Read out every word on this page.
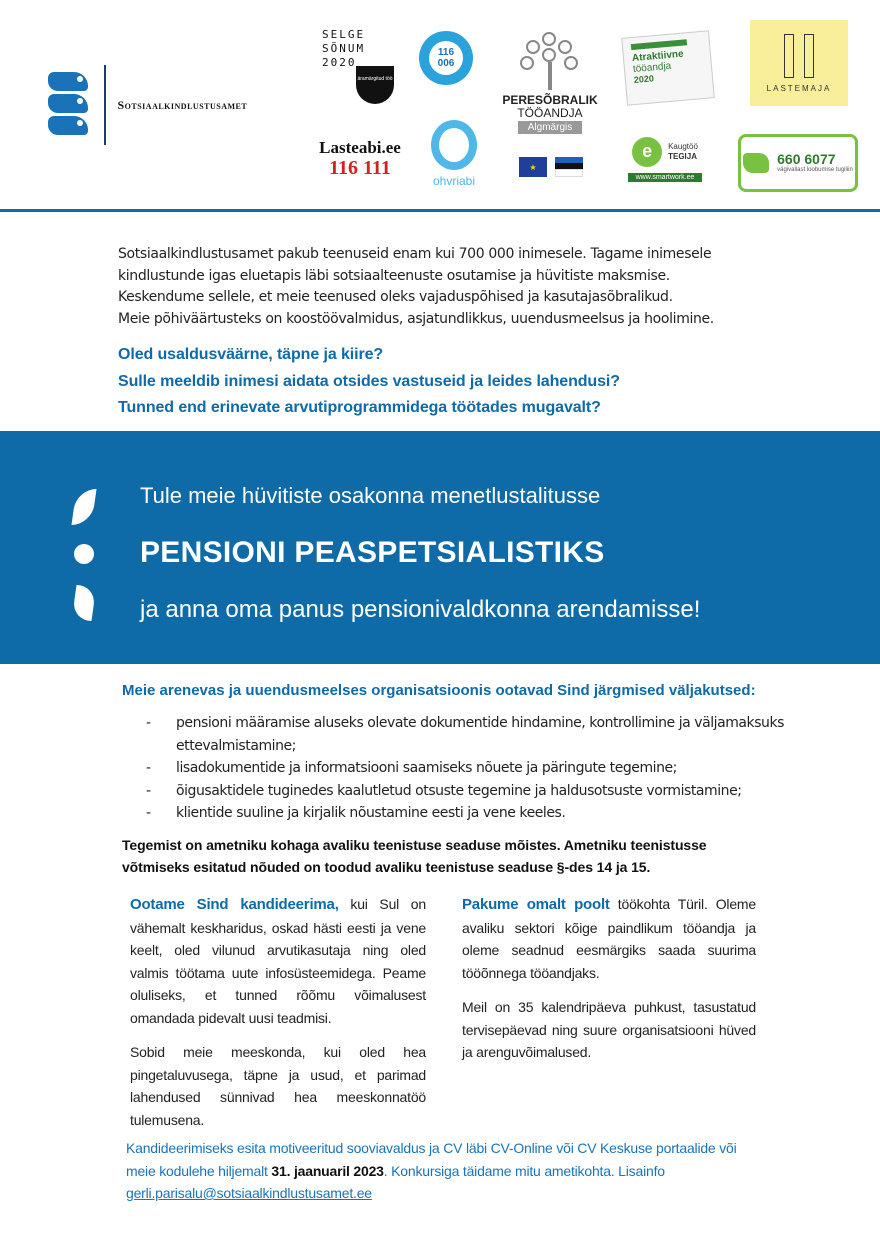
Sotsiaalkindlustusamet
SELGE
SÕNUM
2020
äramärgitud töö
116
006
PERESÕBRALIK
TÖÖANDJA
Algmärgis
Atraktiivne
tööandja
2020
LASTEMAJA
Lasteabi.ee
116 111
ohvriabi
★
e	Kaugtöö
TEGIJA
www.smartwork.ee
660 6077
vägivallast loobumise tugiliin

Sotsiaalkindlustusamet pakub teenuseid enam kui 700 000 inimesele. Tagame inimesele

kindlustunde igas eluetapis läbi sotsiaalteenuste osutamise ja hüvitiste maksmise.

Keskendume sellele, et meie teenused oleks vajaduspõhised ja kasutajasõbralikud.

Meie põhiväärtusteks on koostöövalmidus, asjatundlikkus, uuendusmeelsus ja hoolimine.

Oled usaldusväärne, täpne ja kiire?
Sulle meeldib inimesi aidata otsides vastuseid ja leides lahendusi?
Tunned end erinevate arvutiprogrammidega töötades mugavalt?
Tule meie hüvitiste osakonna menetlustalitusse
PENSIONI PEASPETSIALISTIKS
ja anna oma panus pensionivaldkonna arendamisse!
Meie arenevas ja uuendusmeelses organisatsioonis ootavad Sind järgmised väljakutsed:
- pensioni määramise aluseks olevate dokumentide hindamine, kontrollimine ja väljamaksuks ettevalmistamine;
- lisadokumentide ja informatsiooni saamiseks nõuete ja päringute tegemine;
- õigusaktidele tuginedes kaalutletud otsuste tegemine ja haldusotsuste vormistamine;
- klientide suuline ja kirjalik nõustamine eesti ja vene keeles.
Tegemist on ametniku kohaga avaliku teenistuse seaduse mõistes. Ametniku teenistusse võtmiseks esitatud nõuded on toodud avaliku teenistuse seaduse §-des 14 ja 15.

Ootame Sind kandideerima, kui Sul on vähemalt keskharidus, oskad hästi eesti ja vene keelt, oled vilunud arvutikasutaja ning oled valmis töötama uute infosüsteemidega. Peame oluliseks, et tunned rõõmu võimalusest omandada pidevalt uusi teadmisi.

Sobid meie meeskonda, kui oled hea pingetaluvusega, täpne ja usud, et parimad lahendused sünnivad hea meeskonnatöö tulemusena.

Pakume omalt poolt töökohta Türil. Oleme avaliku sektori kõige paindlikum tööandja ja oleme seadnud eesmärgiks saada suurima tööõnnega tööandjaks.

Meil on 35 kalendripäeva puhkust, tasustatud tervisepäevad ning suure organisatsiooni hüved ja arenguvõimalused.

Kandideerimiseks esita motiveeritud sooviavaldus ja CV läbi CV-Online või CV Keskuse portaalide või meie kodulehe hiljemalt 31. jaanuaril 2023. Konkursiga täidame mitu ametikohta. Lisainfo
gerli.parisalu@sotsiaalkindlustusamet.ee
